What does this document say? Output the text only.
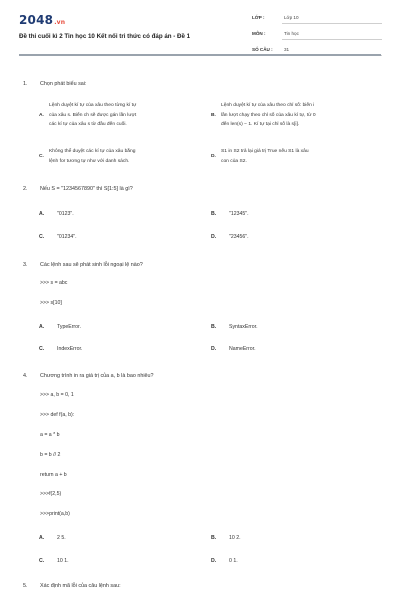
2048.vn
Đề thi cuối kì 2 Tin học 10 Kết nối tri thức có đáp án - Đề 1
LỚP :	Lớp 10
MÔN :	Tin học
SỐ CÂU : 31
1. Chọn phát biểu sai:
A.
Lệnh duyệt kí tự của xâu theo từng kí tự
của xâu s. Biến ch sẽ được gán lần lượt
các kí tự của xâu s từ đầu đến cuối.
B.
Lệnh duyệt kí tự của xâu theo chỉ số: biến i
lần lượt chạy theo chỉ số của xâu kí tự, từ 0
đến len(s) − 1. Kí tự tại chỉ số là s[i].
C.
Không thể duyệt các kí tự của xâu bằng
lệnh for tương tự như với danh sách.
D.
S1 in S2 trả lại giá trị True nếu S1 là xâu
con của S2.
2. Nếu S = "1234567890" thì S[1:5] là gì?
A. "0123".	B. "12345".
C. "01234".	D. "23456".
3. Các lệnh sau sẽ phát sinh lỗi ngoại lệ nào?
>>> s = abc
>>> s[10]
A. TypeError.	B. SyntaxError.
C. IndexError.	D. NameError.
4. Chương trình in ra giá trị của a, b là bao nhiêu?
>>> a, b = 0, 1
>>> def f(a, b):
a = a * b
b = b // 2
return a + b
>>>f(2,5)
>>>print(a,b)
A. 2 5.	B. 10 2.
C. 10 1.	D. 0 1.
5. Xác định mã lỗi của câu lệnh sau:
